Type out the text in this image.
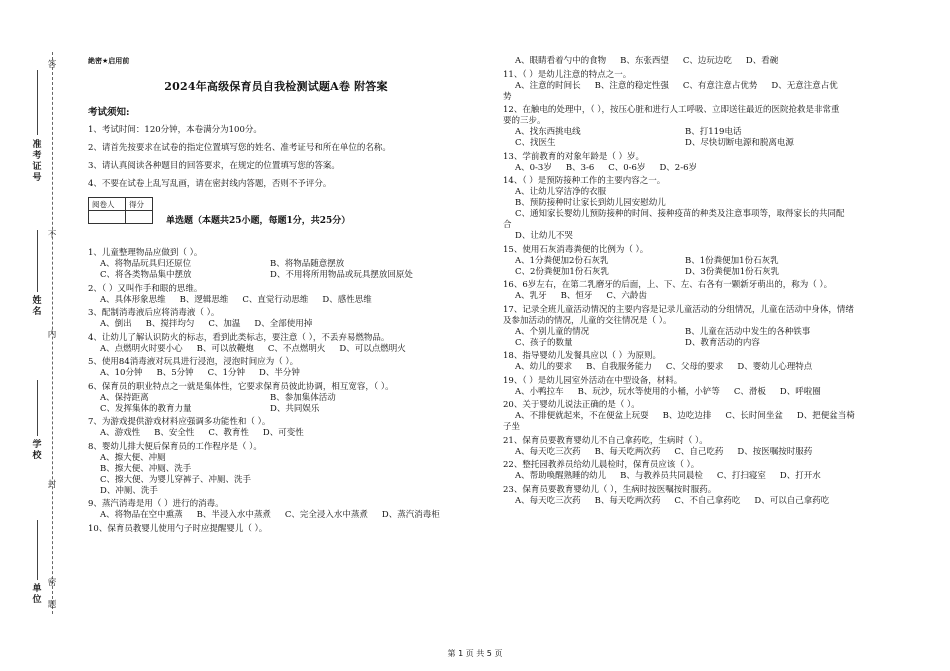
答
不
内
封
密
题
准考证号
姓名
学校
单位
絶密★启用前
2024年高级保育员自我检测试题A卷 附答案
考试须知:
1、考试时间：120分钟，本卷满分为100分。
2、请首先按要求在试卷的指定位置填写您的姓名、准考证号和所在单位的名称。
3、请认真阅读各种题目的回答要求，在规定的位置填写您的答案。
4、不要在试卷上乱写乱画，请在密封线内答题，否则不予评分。
阅卷人	得分

单选题（本题共25小题，每题1分，共25分）
1、儿童整理物品应做到（ ）。
A、将物品玩具归还原位	B、将物品随意摆放
C、将各类物品集中摆放	D、不用将所用物品或玩具摆放回原处
2、（ ）又叫作手和眼的思维。
A、具体形象思维 B、逻辑思维 C、直觉行动思维 D、感性思维
3、配制消毒液后应将消毒液（ ）。
A、倒出 B、搅拌均匀 C、加温 D、全部使用掉
4、让幼儿了解认识防火的标志，看到此类标志，要注意（ ），不丢弃易燃物品。
A、点燃明火时要小心 B、可以放鞭炮 C、不点燃明火 D、可以点燃明火
5、使用84消毒液对玩具进行浸泡，浸泡时间应为（ ）。
A、10分钟 B、5分钟 C、1分钟 D、半分钟
6、保育员的职业特点之一就是集体性，它要求保育员彼此协调，相互宽容，（ ）。
A、保持距离	B、参加集体活动
C、发挥集体的教育力量	D、共同娱乐
7、为游戏提供游戏材料应强调多功能性和（ ）。
A、游戏性 B、安全性 C、教育性 D、可变性
8、婴幼儿排大便后保育员的工作程序是（ ）。
A、擦大便、冲厕
B、擦大便、冲厕、洗手
C、擦大便、为婴儿穿裤子、冲厕、洗手
D、冲厕、洗手
9、蒸汽消毒是用（ ）进行的消毒。
A、将物品在空中熏蒸 B、半浸入水中蒸煮 C、完全浸入水中蒸煮 D、蒸汽消毒柜
10、保育员教婴儿使用勺子时应提醒婴儿（ ）。
A、眼睛看着勺中的食物 B、东张西望 C、边玩边吃 D、看碗
11、（ ）是幼儿注意的特点之一。
A、注意的时间长 B、注意的稳定性强 C、有意注意占优势 D、无意注意占优
势
12、在触电的处理中，（ ），按压心脏和进行人工呼吸、立即送往最近的医院抢救是非常重
要的三步。
A、找东西挑电线	B、打119电话
C、找医生	D、尽快切断电源和脱离电源
13、学前教育的对象年龄是（ ）岁。
A、0-3岁 B、3-6 C、0-6岁 D、2-6岁
14、（ ）是预防接种工作的主要内容之一。
A、让幼儿穿洁净的衣服
B、预防接种时让家长到幼儿园安慰幼儿
C、通知家长婴幼儿预防接种的时间、接种疫苗的种类及注意事项等，取得家长的共同配
合
D、让幼儿不哭
15、使用石灰消毒粪便的比例为（ ）。
A、1分粪便加2份石灰乳	B、1份粪便加1份石灰乳
C、2份粪便加1份石灰乳	D、3份粪便加1份石灰乳
16、6岁左右，在第二乳磨牙的后面，上、下、左、右各有一颗新牙萌出的，称为（ ）。
A、乳牙 B、恒牙 C、六龄齿
17、记录全班儿童活动情况的主要内容是记录儿童活动的分组情况，儿童在活动中身体，情绪
及参加活动的情况，儿童的交往情况是（ ）。
A、个别儿童的情况	B、儿童在活动中发生的各种铁事
C、孩子的数量	D、教育活动的内容
18、指导婴幼儿发餐具应以（ ）为原则。
A、幼儿的要求 B、自我服务能力 C、父母的要求 D、婴幼儿心理特点
19、（ ）是幼儿园室外活动在中型设备，材料。
A、小鸭拉车 B、玩沙，玩水等使用的小桶，小铲等 C、滑板 D、呼啦圈
20、关于婴幼儿说法正确的是（ ）。
A、不排便就起来，不在便盆上玩耍 B、边吃边排 C、长时间坐盆 D、把便盆当椅
子坐
21、保育员要教育婴幼儿不自己拿药吃，生病时（ ）。
A、每天吃三次药 B、每天吃两次药 C、自己吃药 D、按医嘱按时服药
22、整托园教养员给幼儿晨检时，保育员应该（ ）。
A、帮助唤醒熟睡的幼儿 B、与教养员共同晨检 C、打扫寝室 D、打开水
23、保育员要教育婴幼儿（ ），生病时按医嘱按时服药。
A、每天吃三次药 B、每天吃两次药 C、不自己拿药吃 D、可以自己拿药吃
第 1 页 共 5 页
